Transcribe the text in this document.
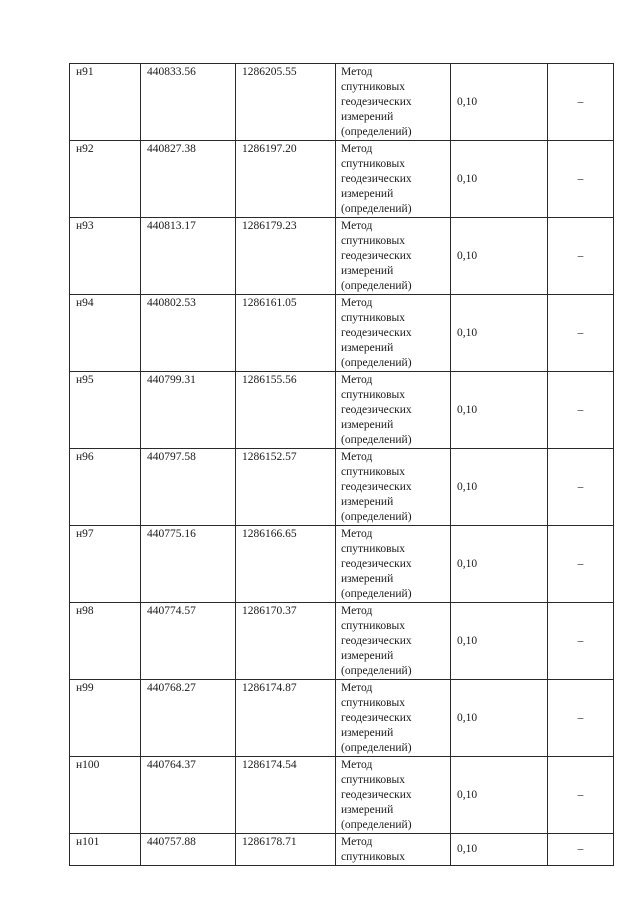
н91	440833.56	1286205.55	Метод
спутниковых
геодезических
измерений
(определений)	0,10	–

н92	440827.38	1286197.20	Метод
спутниковых
геодезических
измерений
(определений)	0,10	–

н93	440813.17	1286179.23	Метод
спутниковых
геодезических
измерений
(определений)	0,10	–

н94	440802.53	1286161.05	Метод
спутниковых
геодезических
измерений
(определений)	0,10	–

н95	440799.31	1286155.56	Метод
спутниковых
геодезических
измерений
(определений)	0,10	–

н96	440797.58	1286152.57	Метод
спутниковых
геодезических
измерений
(определений)	0,10	–

н97	440775.16	1286166.65	Метод
спутниковых
геодезических
измерений
(определений)	0,10	–

н98	440774.57	1286170.37	Метод
спутниковых
геодезических
измерений
(определений)	0,10	–

н99	440768.27	1286174.87	Метод
спутниковых
геодезических
измерений
(определений)	0,10	–

н100	440764.37	1286174.54	Метод
спутниковых
геодезических
измерений
(определений)	0,10	–

н101	440757.88	1286178.71	Метод
спутниковых	0,10	–
